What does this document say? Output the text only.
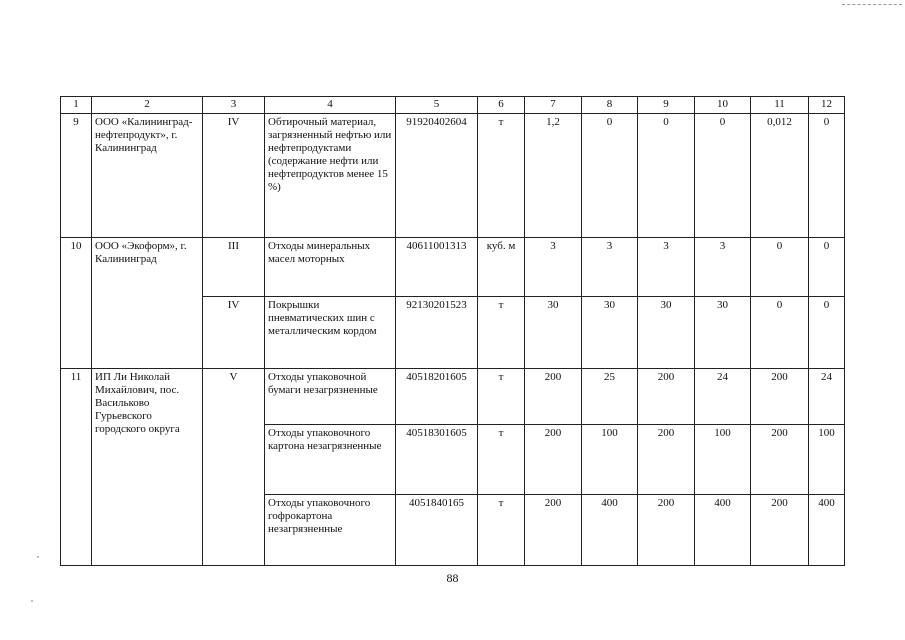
1	2	3	4	5	6	7	8	9	10	11	12
9	ООО «Калининград-нефтепродукт», г. Калининград	IV	Обтирочный материал, загрязненный нефтью или нефтепродуктами (содержание нефти или нефтепродуктов менее 15 %)	91920402604	т	1,2	0	0	0	0,012	0
10	ООО «Экоформ», г. Калининград	III	Отходы минеральных масел моторных	40611001313	куб. м	3	3	3	3	0	0
		IV	Покрышки пневматических шин с металлическим кордом	92130201523	т	30	30	30	30	0	0
11	ИП Ли Николай Михайлович, пос. Васильково Гурьевского городского округа	V	Отходы упаковочной бумаги незагрязненные	40518201605	т	200	25	200	24	200	24
			Отходы упаковочного картона незагрязненные	40518301605	т	200	100	200	100	200	100
			Отходы упаковочного гофрокартона незагрязненные	4051840165	т	200	400	200	400	200	400
88
